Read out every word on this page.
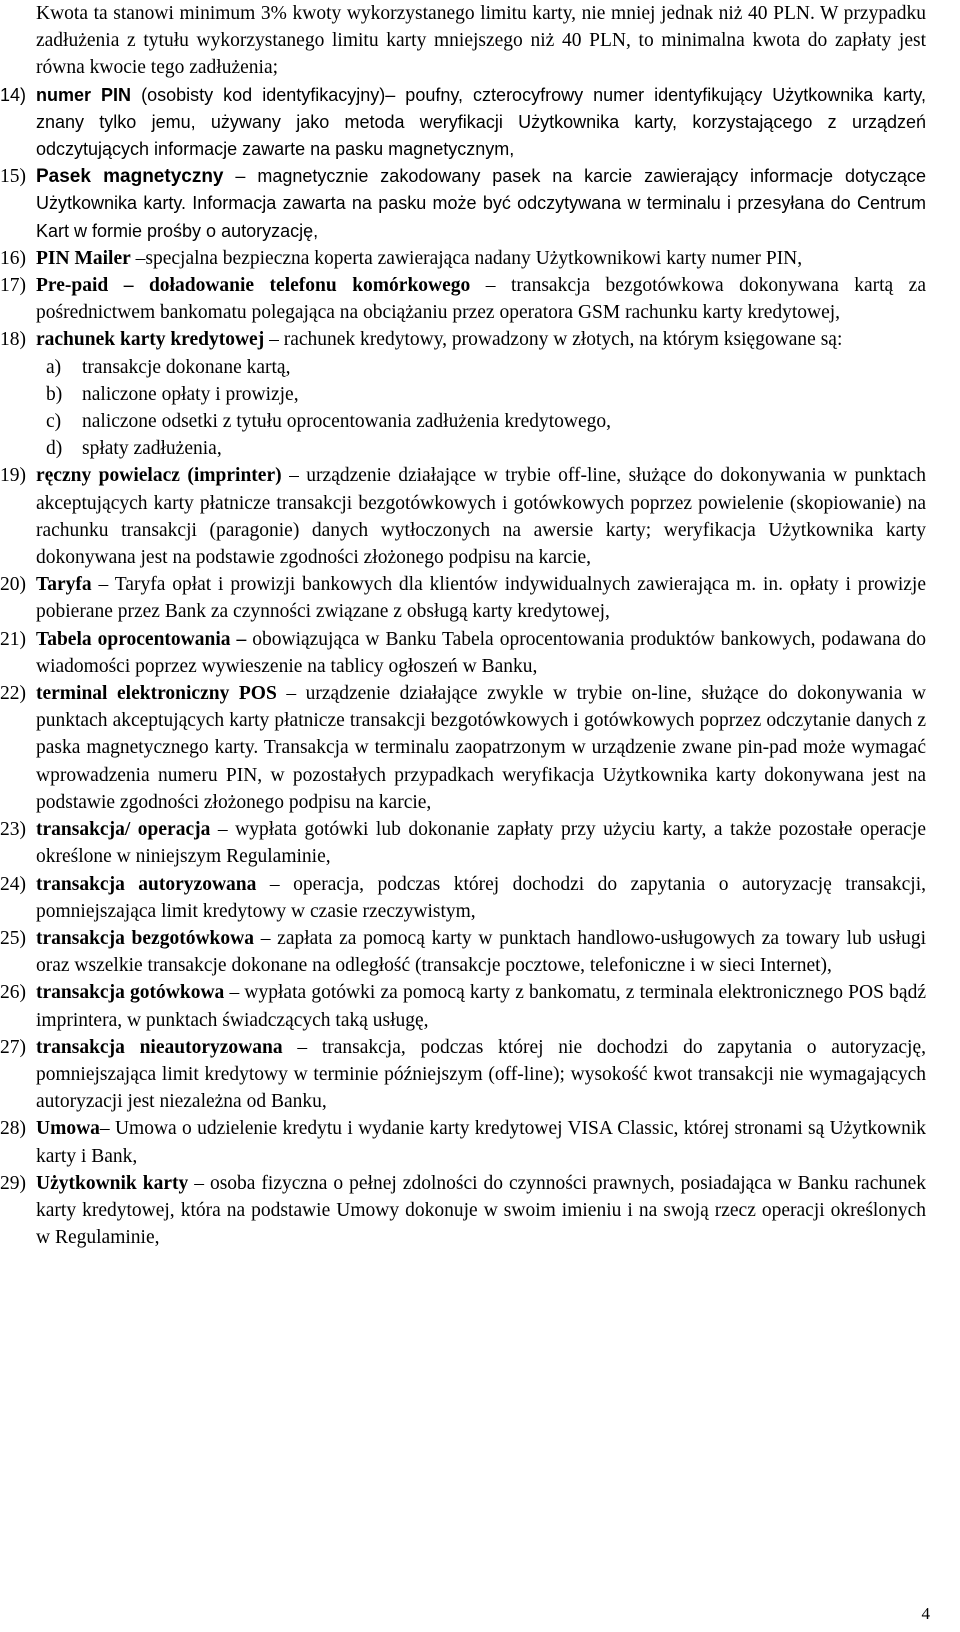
Kwota ta stanowi minimum 3% kwoty wykorzystanego limitu karty, nie mniej jednak niż 40 PLN. W przypadku zadłużenia z tytułu wykorzystanego limitu karty mniejszego niż 40 PLN, to minimalna kwota do zapłaty jest równa kwocie tego zadłużenia;
14) numer PIN (osobisty kod identyfikacyjny)– poufny, czterocyfrowy numer identyfikujący Użytkownika karty, znany tylko jemu, używany jako metoda weryfikacji Użytkownika karty, korzystającego z urządzeń odczytujących informacje zawarte na pasku magnetycznym,
15) Pasek magnetyczny – magnetycznie zakodowany pasek na karcie zawierający informacje dotyczące Użytkownika karty. Informacja zawarta na pasku może być odczytywana w terminalu i przesyłana do Centrum Kart w formie prośby o autoryzację,
16) PIN Mailer –specjalna bezpieczna koperta zawierająca nadany Użytkownikowi karty numer PIN,
17) Pre-paid – doładowanie telefonu komórkowego – transakcja bezgotówkowa dokonywana kartą za pośrednictwem bankomatu polegająca na obciążaniu przez operatora GSM rachunku karty kredytowej,
18) rachunek karty kredytowej – rachunek kredytowy, prowadzony w złotych, na którym księgowane są:
a) transakcje dokonane kartą,
b) naliczone opłaty i prowizje,
c) naliczone odsetki z tytułu oprocentowania zadłużenia kredytowego,
d) spłaty zadłużenia,
19) ręczny powielacz (imprinter) – urządzenie działające w trybie off-line, służące do dokonywania w punktach akceptujących karty płatnicze transakcji bezgotówkowych i gotówkowych poprzez powielenie (skopiowanie) na rachunku transakcji (paragonie) danych wytłoczonych na awersie karty; weryfikacja Użytkownika karty dokonywana jest na podstawie zgodności złożonego podpisu na karcie,
20) Taryfa – Taryfa opłat i prowizji bankowych dla klientów indywidualnych zawierająca m. in. opłaty i prowizje pobierane przez Bank za czynności związane z obsługą karty kredytowej,
21) Tabela oprocentowania – obowiązująca w Banku Tabela oprocentowania produktów bankowych, podawana do wiadomości poprzez wywieszenie na tablicy ogłoszeń w Banku,
22) terminal elektroniczny POS – urządzenie działające zwykle w trybie on-line, służące do dokonywania w punktach akceptujących karty płatnicze transakcji bezgotówkowych i gotówkowych poprzez odczytanie danych z paska magnetycznego karty. Transakcja w terminalu zaopatrzonym w urządzenie zwane pin-pad może wymagać wprowadzenia numeru PIN, w pozostałych przypadkach weryfikacja Użytkownika karty dokonywana jest na podstawie zgodności złożonego podpisu na karcie,
23) transakcja/ operacja – wypłata gotówki lub dokonanie zapłaty przy użyciu karty, a także pozostałe operacje określone w niniejszym Regulaminie,
24) transakcja autoryzowana – operacja, podczas której dochodzi do zapytania o autoryzację transakcji, pomniejszająca limit kredytowy w czasie rzeczywistym,
25) transakcja bezgotówkowa – zapłata za pomocą karty w punktach handlowo-usługowych za towary lub usługi oraz wszelkie transakcje dokonane na odległość (transakcje pocztowe, telefoniczne i w sieci Internet),
26) transakcja gotówkowa – wypłata gotówki za pomocą karty z bankomatu, z terminala elektronicznego POS bądź imprintera, w punktach świadczących taką usługę,
27) transakcja nieautoryzowana – transakcja, podczas której nie dochodzi do zapytania o autoryzację, pomniejszająca limit kredytowy w terminie późniejszym (off-line); wysokość kwot transakcji nie wymagających autoryzacji jest niezależna od Banku,
28) Umowa– Umowa o udzielenie kredytu i wydanie karty kredytowej VISA Classic, której stronami są Użytkownik karty i Bank,
29) Użytkownik karty – osoba fizyczna o pełnej zdolności do czynności prawnych, posiadająca w Banku rachunek karty kredytowej, która na podstawie Umowy dokonuje w swoim imieniu i na swoją rzecz operacji określonych w Regulaminie,
4
